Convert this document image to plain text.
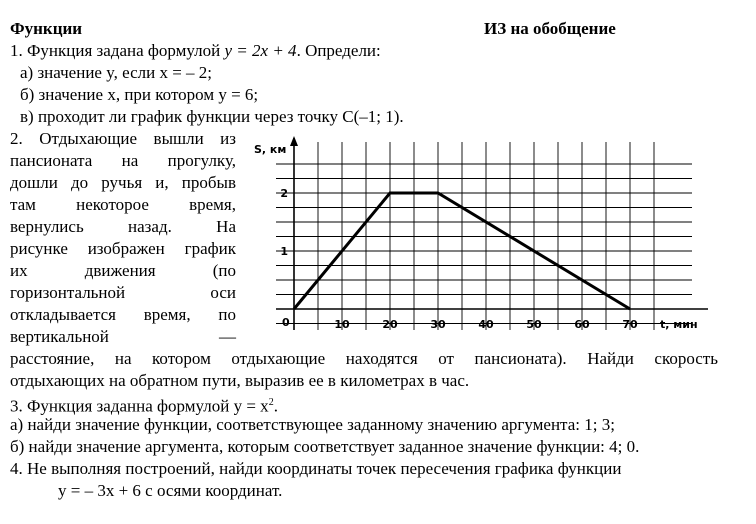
Функции	ИЗ на обобщение
1. Функция задана формулой y = 2x + 4. Определи:
а) значение y, если x = – 2;
б) значение x, при котором y = 6;
в) проходит ли график функции через точку C(–1; 1).
2. Отдыхающие вышли из
пансионата на прогулку,
дошли до ручья и, пробыв
там некоторое время,
вернулись назад. На
рисунке изображен график
их движения (по
горизонтальной оси
откладывается время, по
вертикальной —
расстояние, на котором отдыхающие находятся от пансионата). Найди скорость
отдыхающих на обратном пути, выразив ее в километрах в час.
10	20	30	40	50	60	70
1
2
S, км
t, мин
0
3. Функция заданна формулой $y = x^2$.
а) найди значение функции, соответствующее заданному значению аргумента: 1; 3;
б) найди значение аргумента, которым соответствует заданное значение функции: 4; 0.
4. Не выполняя построений, найди координаты точек пересечения графика функции
y = – 3x + 6 с осями координат.
